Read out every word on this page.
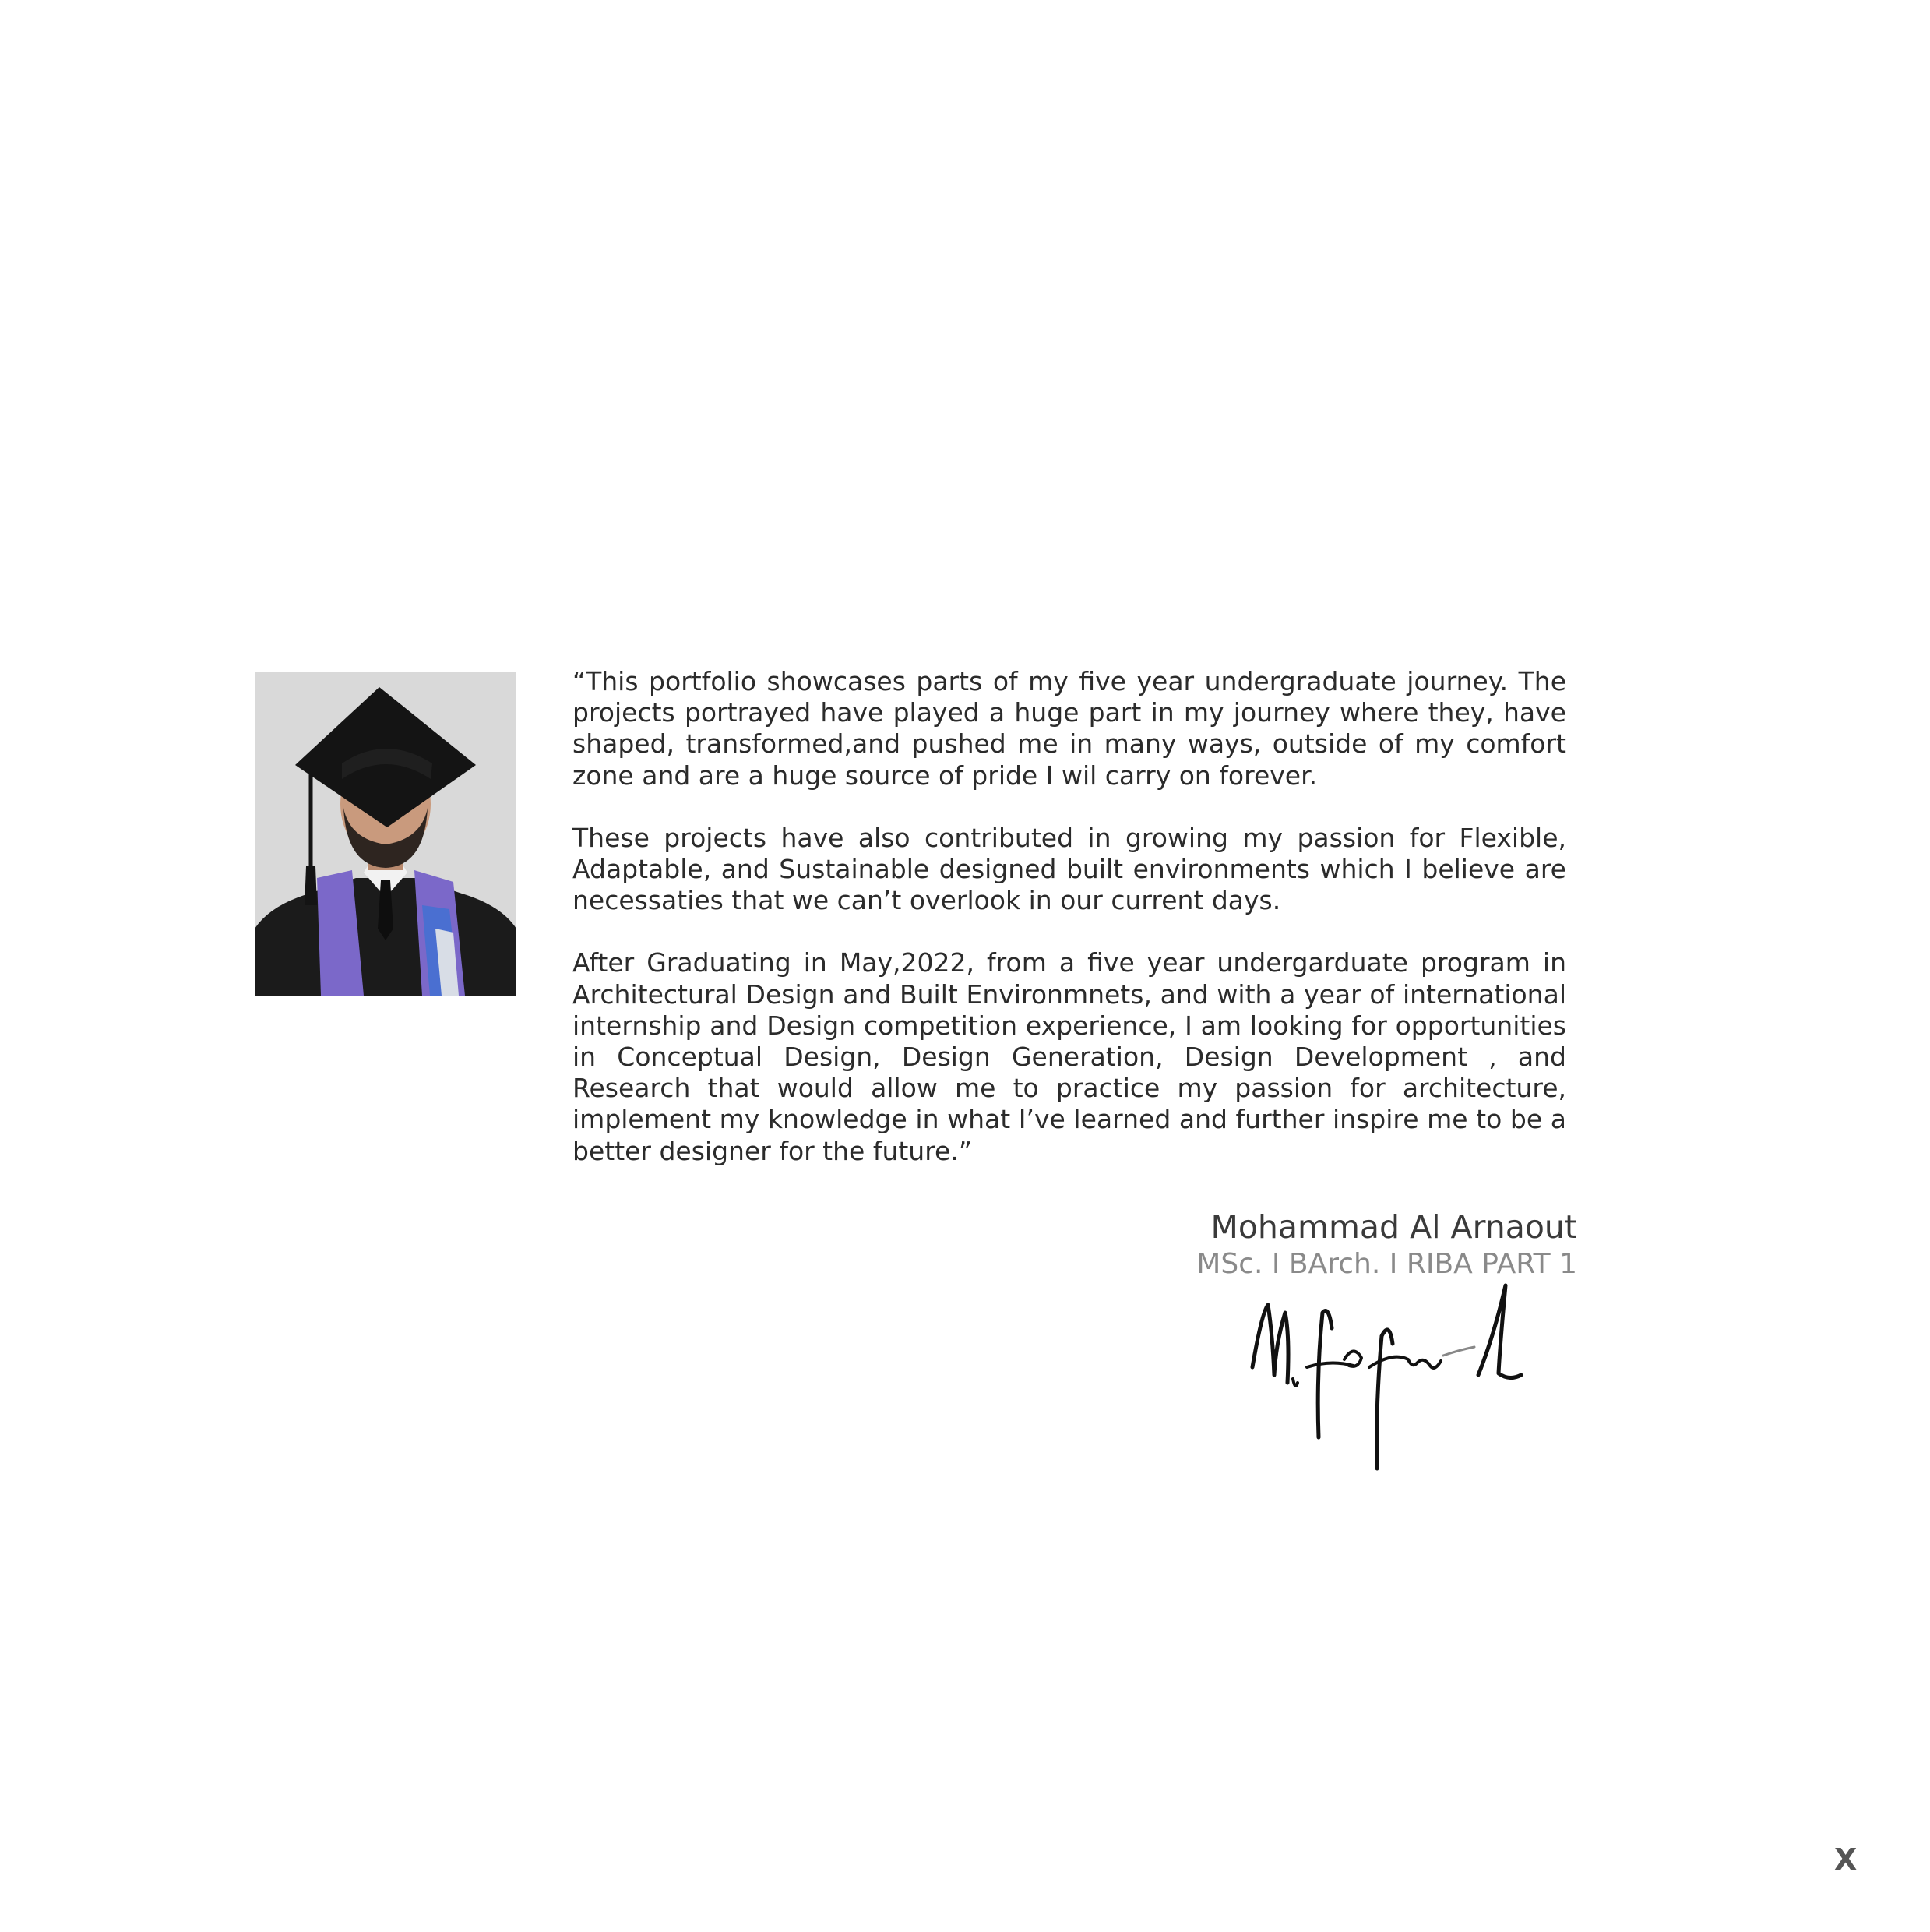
“This portfolio showcases parts of my five year undergraduate journey. The projects portrayed have played a huge part in my journey where they, have shaped, transformed,and pushed me in many ways, outside of my comfort zone and are a huge source of pride I wil carry on forever.

These projects have also contributed in growing my passion for Flexible, Adaptable, and Sustainable designed built environments which I believe are necessaties that we can’t overlook in our current days.

After Graduating in May,2022, from a five year undergarduate program in Architectural Design and Built Environmnets, and with a year of international internship and Design competition experience, I am looking for opportunities in Conceptual Design, Design Generation, Design Development , and Research that would allow me to practice my passion for architecture, implement my knowledge in what I’ve learned and further inspire me to be a better designer for the future.”

Mohammad Al Arnaout
MSc. I BArch. I RIBA PART 1
X
